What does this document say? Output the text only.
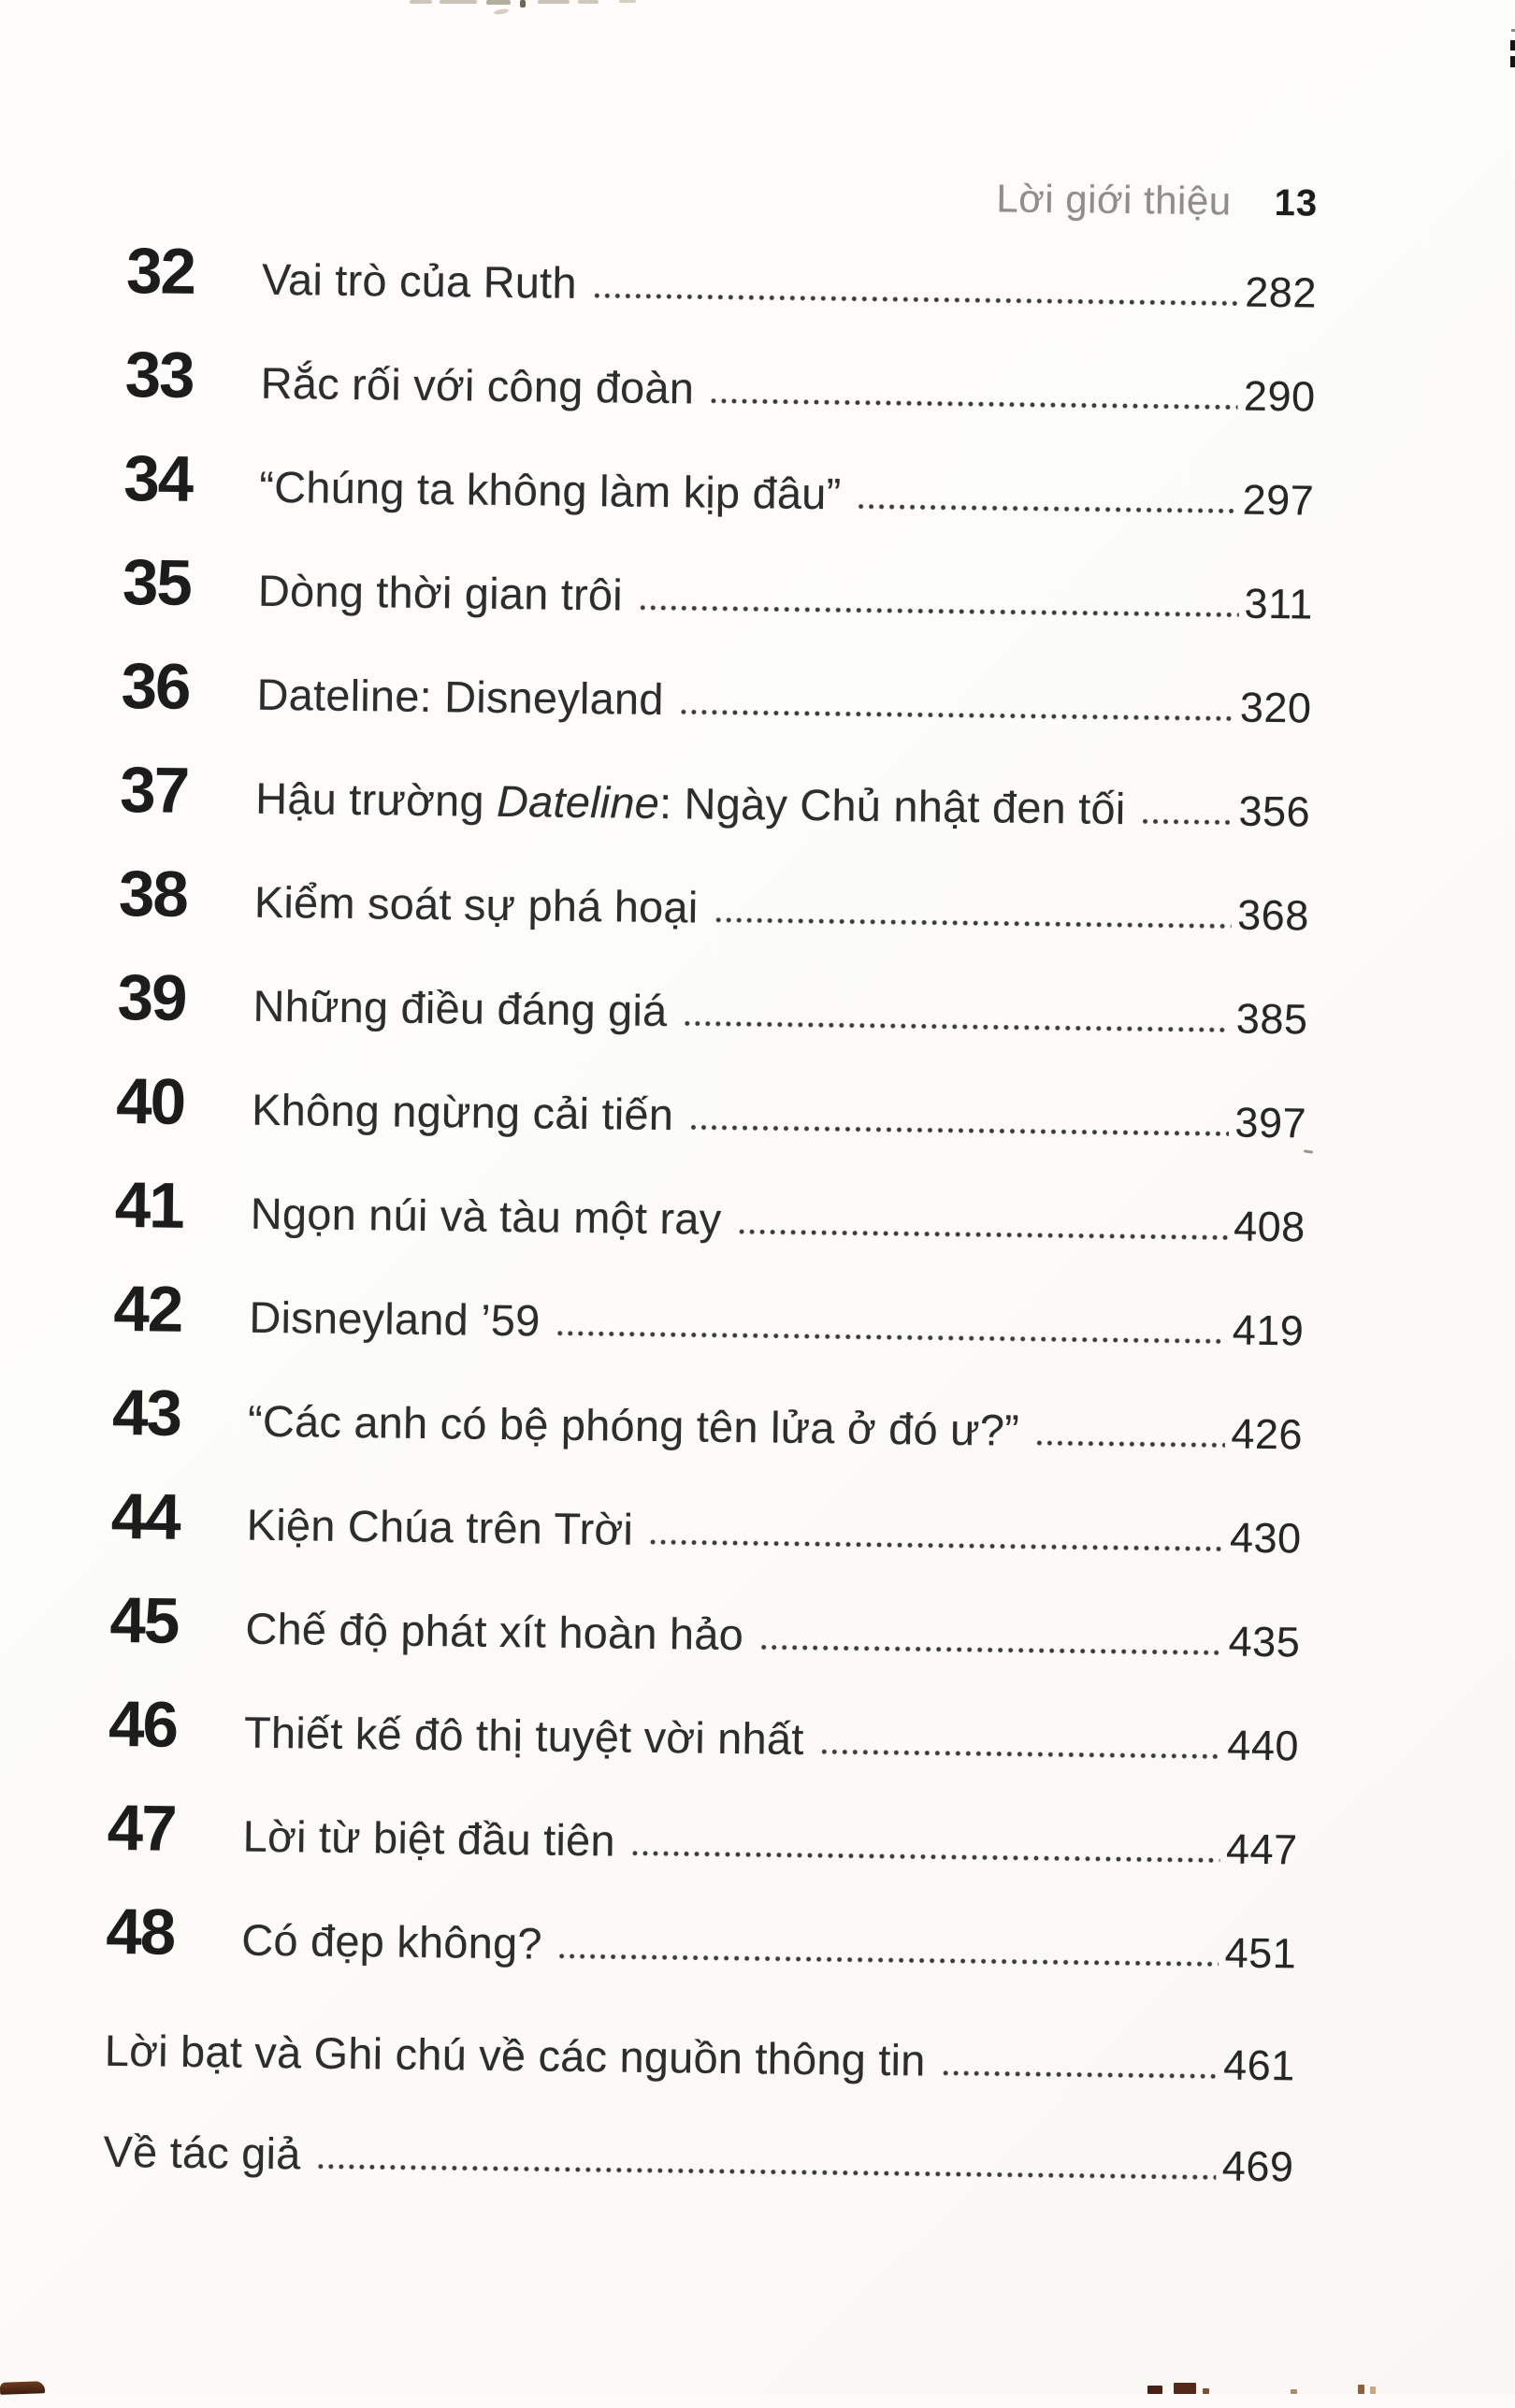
Lời giới thiệu 13
32	Vai trò của Ruth	282
33	Rắc rối với công đoàn	290
34	“Chúng ta không làm kịp đâu”	297
35	Dòng thời gian trôi	311
36	Dateline: Disneyland	320
37	Hậu trường Dateline: Ngày Chủ nhật đen tối	356
38	Kiểm soát sự phá hoại	368
39	Những điều đáng giá	385
40	Không ngừng cải tiến	397
41	Ngọn núi và tàu một ray	408
42	Disneyland ’59	419
43	“Các anh có bệ phóng tên lửa ở đó ư?”	426
44	Kiện Chúa trên Trời	430
45	Chế độ phát xít hoàn hảo	435
46	Thiết kế đô thị tuyệt vời nhất	440
47	Lời từ biệt đầu tiên	447
48	Có đẹp không?	451
Lời bạt và Ghi chú về các nguồn thông tin	461
Về tác giả	469
